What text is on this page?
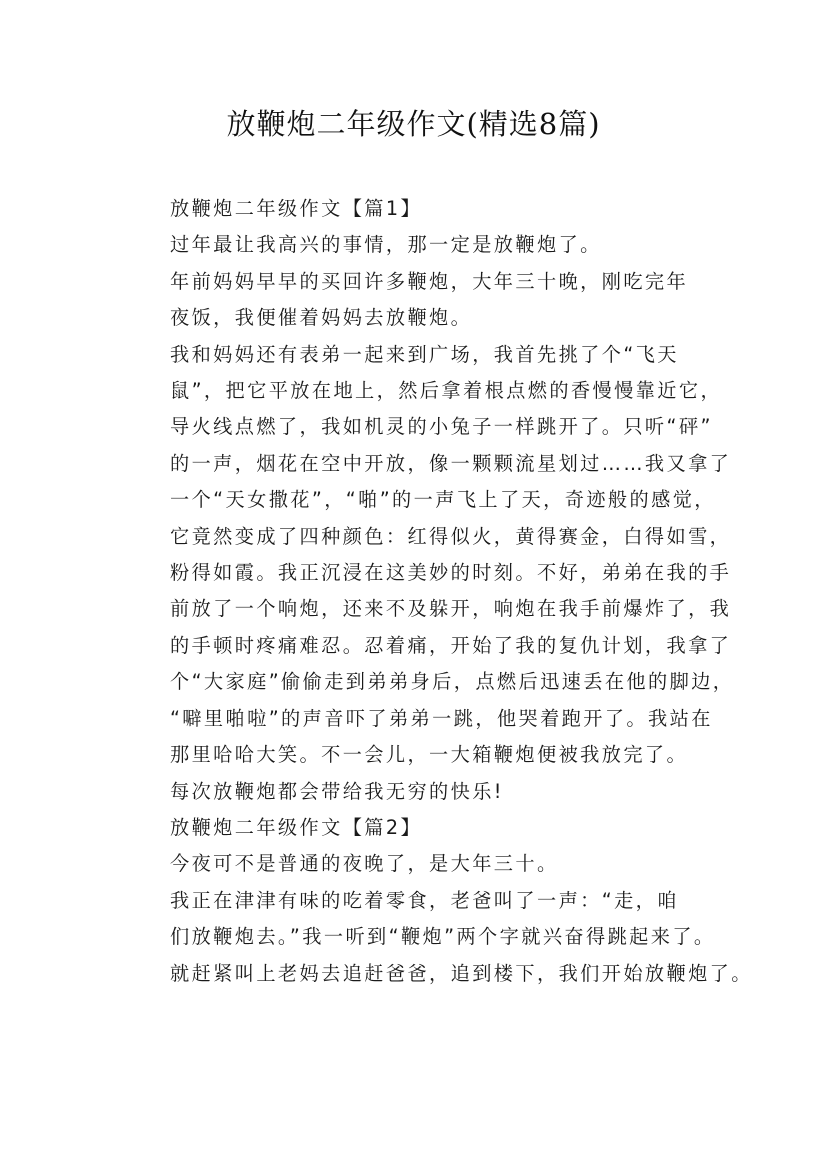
放鞭炮二年级作文(精选8篇)

放鞭炮二年级作文【篇1】

过年最让我高兴的事情，那一定是放鞭炮了。

年前妈妈早早的买回许多鞭炮，大年三十晚，刚吃完年
夜饭，我便催着妈妈去放鞭炮。

我和妈妈还有表弟一起来到广场，我首先挑了个“飞天
鼠”，把它平放在地上，然后拿着根点燃的香慢慢靠近它，
导火线点燃了，我如机灵的小兔子一样跳开了。只听“砰”
的一声，烟花在空中开放，像一颗颗流星划过……我又拿了
一个“天女撒花”，“啪”的一声飞上了天，奇迹般的感觉，
它竟然变成了四种颜色：红得似火，黄得赛金，白得如雪，
粉得如霞。我正沉浸在这美妙的时刻。不好，弟弟在我的手
前放了一个响炮，还来不及躲开，响炮在我手前爆炸了，我
的手顿时疼痛难忍。忍着痛，开始了我的复仇计划，我拿了
个“大家庭”偷偷走到弟弟身后，点燃后迅速丢在他的脚边，
“噼里啪啦”的声音吓了弟弟一跳，他哭着跑开了。我站在
那里哈哈大笑。不一会儿，一大箱鞭炮便被我放完了。

每次放鞭炮都会带给我无穷的快乐!

放鞭炮二年级作文【篇2】

今夜可不是普通的夜晚了，是大年三十。

我正在津津有味的吃着零食，老爸叫了一声：“走，咱
们放鞭炮去。”我一听到“鞭炮”两个字就兴奋得跳起来了。
就赶紧叫上老妈去追赶爸爸，追到楼下，我们开始放鞭炮了。
